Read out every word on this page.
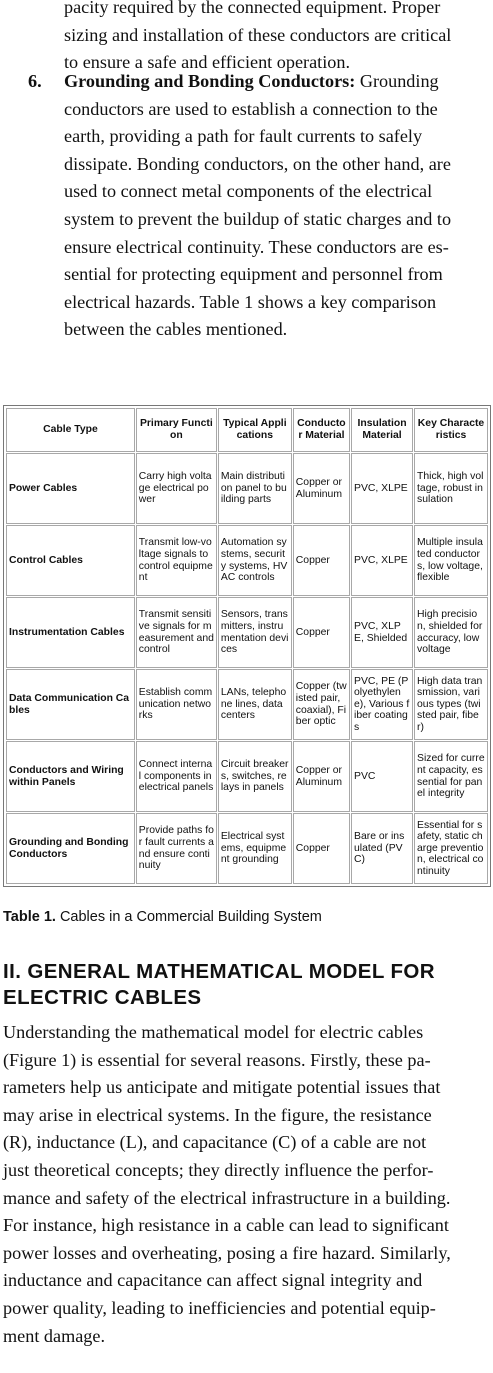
pacity required by the connected equipment. Proper
sizing and installation of these conductors are critical
to ensure a safe and efficient operation.
6. Grounding and Bonding Conductors: Grounding
conductors are used to establish a connection to the
earth, providing a path for fault currents to safely
dissipate. Bonding conductors, on the other hand, are
used to connect metal components of the electrical
system to prevent the buildup of static charges and to
ensure electrical continuity. These conductors are es-
sential for protecting equipment and personnel from
electrical hazards. Table 1 shows a key comparison
between the cables mentioned.
Cable Type	Primary Function	Typical Applications	Conductor Material	Insulation Material	Key Characteristics
Power Cables	Carry high voltage electrical power	Main distribution panel to building parts	Copper or Aluminum	PVC, XLPE	Thick, high voltage, robust insulation
Control Cables	Transmit low-voltage signals to control equipment	Automation systems, security systems, HVAC controls	Copper	PVC, XLPE	Multiple insulated conductors, low voltage, flexible
Instrumentation Cables	Transmit sensitive signals for measurement and control	Sensors, transmitters, instrumentation devices	Copper	PVC, XLPE, Shielded	High precision, shielded for accuracy, low voltage
Data Communication Cables	Establish communication networks	LANs, telephone lines, data centers	Copper (twisted pair, coaxial), Fiber optic	PVC, PE (Polyethylene), Various fiber coatings	High data transmission, various types (twisted pair, fiber)
Conductors and Wiring within Panels	Connect internal components in electrical panels	Circuit breakers, switches, relays in panels	Copper or Aluminum	PVC	Sized for current capacity, essential for panel integrity
Grounding and Bonding Conductors	Provide paths for fault currents and ensure continuity	Electrical systems, equipment grounding	Copper	Bare or insulated (PVC)	Essential for safety, static charge prevention, electrical continuity
Table 1. Cables in a Commercial Building System
II. GENERAL MATHEMATICAL MODEL FOR
ELECTRIC CABLES
Understanding the mathematical model for electric cables
(Figure 1) is essential for several reasons. Firstly, these pa-
rameters help us anticipate and mitigate potential issues that
may arise in electrical systems. In the figure, the resistance
(R), inductance (L), and capacitance (C) of a cable are not
just theoretical concepts; they directly influence the perfor-
mance and safety of the electrical infrastructure in a building.
For instance, high resistance in a cable can lead to significant
power losses and overheating, posing a fire hazard. Similarly,
inductance and capacitance can affect signal integrity and
power quality, leading to inefficiencies and potential equip-
ment damage.
